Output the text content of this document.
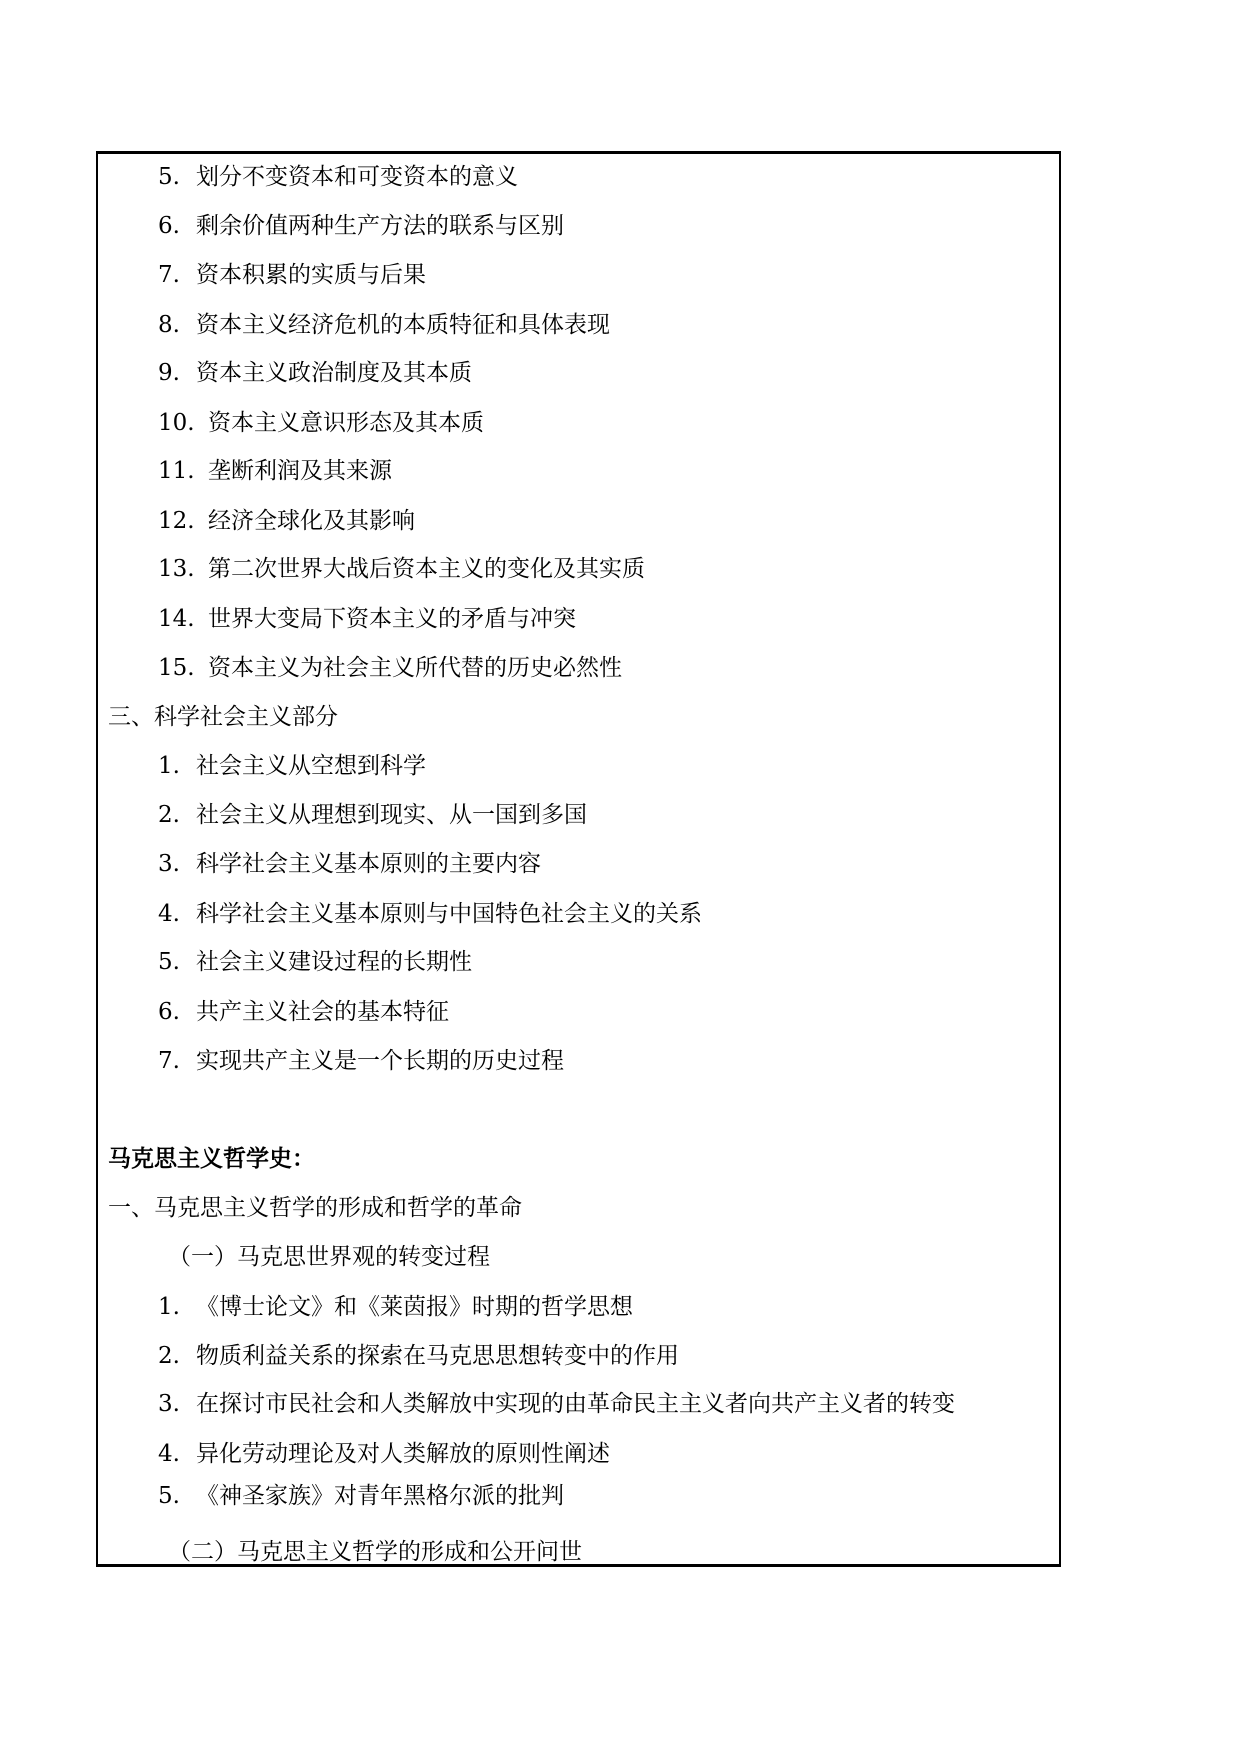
5. 划分不变资本和可变资本的意义
6. 剩余价值两种生产方法的联系与区别
7. 资本积累的实质与后果
8. 资本主义经济危机的本质特征和具体表现
9. 资本主义政治制度及其本质
10. 资本主义意识形态及其本质
11. 垄断利润及其来源
12. 经济全球化及其影响
13. 第二次世界大战后资本主义的变化及其实质
14. 世界大变局下资本主义的矛盾与冲突
15. 资本主义为社会主义所代替的历史必然性
三、科学社会主义部分
1. 社会主义从空想到科学
2. 社会主义从理想到现实、从一国到多国
3. 科学社会主义基本原则的主要内容
4. 科学社会主义基本原则与中国特色社会主义的关系
5. 社会主义建设过程的长期性
6. 共产主义社会的基本特征
7. 实现共产主义是一个长期的历史过程
马克思主义哲学史：
一、马克思主义哲学的形成和哲学的革命
（一）马克思世界观的转变过程
1. 《博士论文》和《莱茵报》时期的哲学思想
2. 物质利益关系的探索在马克思思想转变中的作用
3. 在探讨市民社会和人类解放中实现的由革命民主主义者向共产主义者的转变
4. 异化劳动理论及对人类解放的原则性阐述
5. 《神圣家族》对青年黑格尔派的批判
（二）马克思主义哲学的形成和公开问世
